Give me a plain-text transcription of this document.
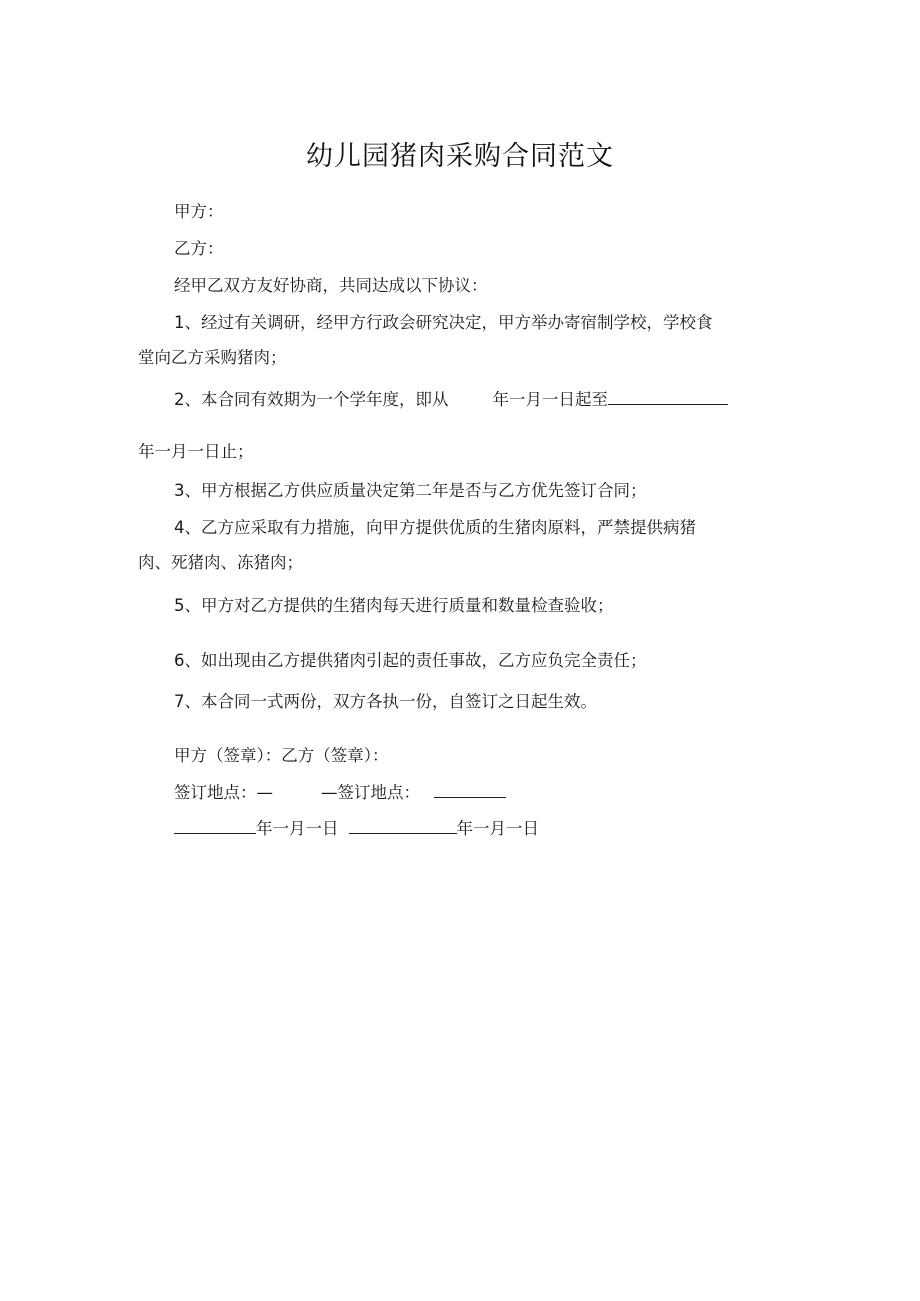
幼儿园猪肉采购合同范文
甲方：
乙方：
经甲乙双方友好协商，共同达成以下协议：
1、经过有关调研，经甲方行政会研究决定，甲方举办寄宿制学校，学校食
堂向乙方采购猪肉；
2、本合同有效期为一个学年度，即从	年一月一日起至
年一月一日止；
3、甲方根据乙方供应质量决定第二年是否与乙方优先签订合同；
4、乙方应采取有力措施，向甲方提供优质的生猪肉原料，严禁提供病猪
肉、死猪肉、冻猪肉；
5、甲方对乙方提供的生猪肉每天进行质量和数量检查验收；
6、如出现由乙方提供猪肉引起的责任事故，乙方应负完全责任；
7、本合同一式两份，双方各执一份，自签订之日起生效。
甲方（签章）：乙方（签章）：
签订地点：—	—签订地点：
年一月一日	年一月一日
